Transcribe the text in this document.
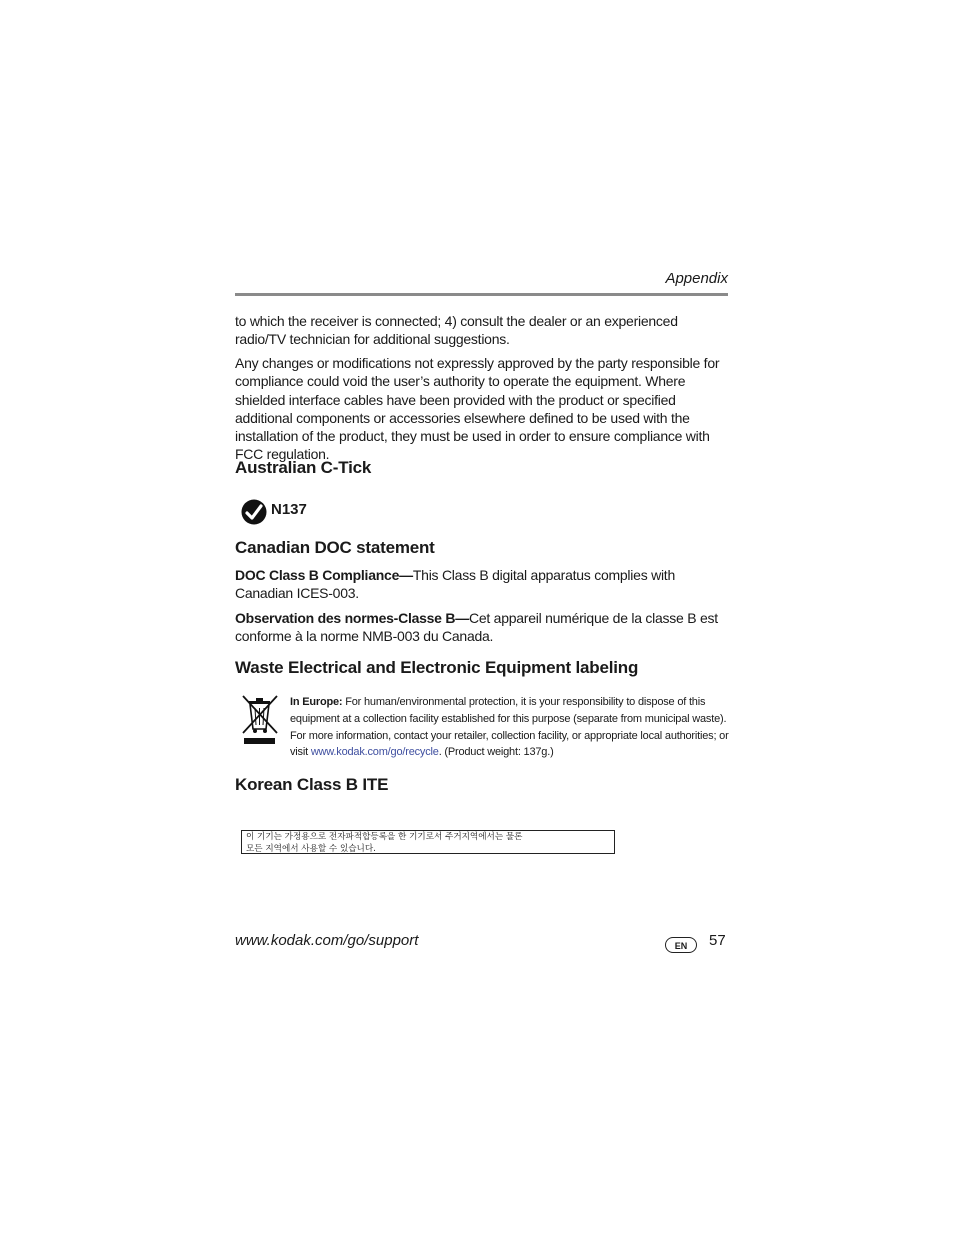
Appendix
to which the receiver is connected; 4) consult the dealer or an experienced radio/TV technician for additional suggestions.
Any changes or modifications not expressly approved by the party responsible for compliance could void the user’s authority to operate the equipment. Where shielded interface cables have been provided with the product or specified additional components or accessories elsewhere defined to be used with the installation of the product, they must be used in order to ensure compliance with FCC regulation.
Australian C-Tick
N137
Canadian DOC statement
DOC Class B Compliance—This Class B digital apparatus complies with Canadian ICES-003.
Observation des normes-Classe B—Cet appareil numérique de la classe B est conforme à la norme NMB-003 du Canada.
Waste Electrical and Electronic Equipment labeling
In Europe: For human/environmental protection, it is your responsibility to dispose of this equipment at a collection facility established for this purpose (separate from municipal waste). For more information, contact your retailer, collection facility, or appropriate local authorities; or visit www.kodak.com/go/recycle. (Product weight: 137g.)
Korean Class B ITE
이 기기는 가정용으로 전자파적합등록을 한 기기로서 주거지역에서는 물론
모든 지역에서 사용할 수 있습니다.
www.kodak.com/go/support	EN	57
